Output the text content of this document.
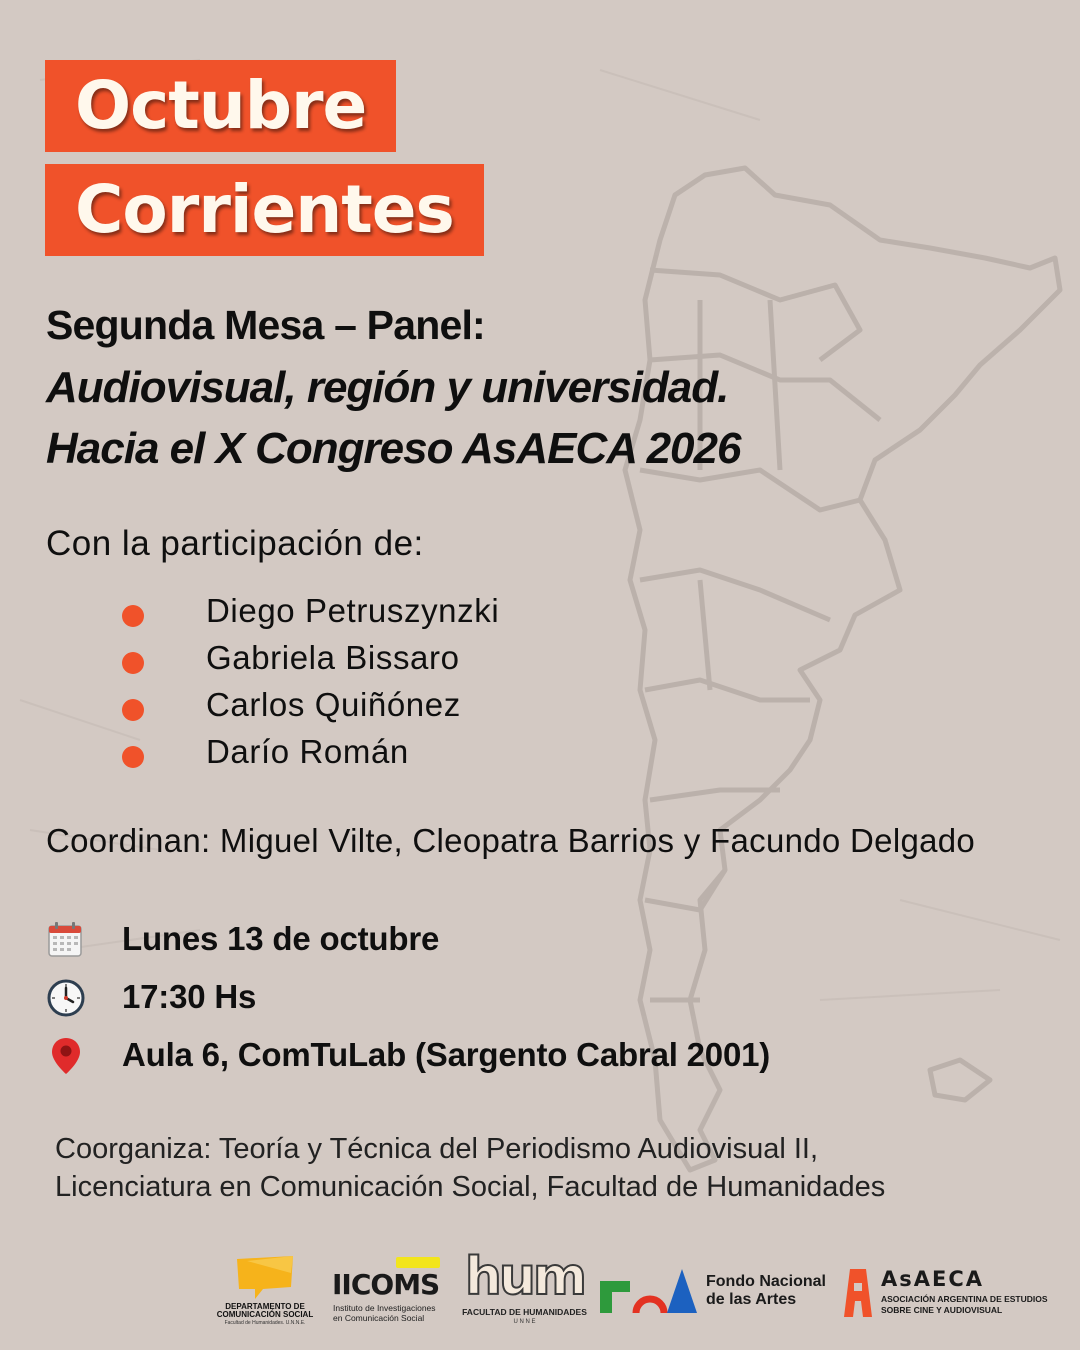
Octubre
Corrientes
Segunda Mesa – Panel:
Audiovisual, región y universidad.
Hacia el X Congreso AsAECA 2026
Con la participación de:
Diego Petruszynzki
Gabriela Bissaro
Carlos Quiñónez
Darío Román
Coordinan: Miguel Vilte, Cleopatra Barrios y Facundo Delgado
Lunes 13 de octubre
17:30 Hs
Aula 6, ComTuLab (Sargento Cabral 2001)
Coorganiza: Teoría y Técnica del Periodismo Audiovisual II,
Licenciatura en Comunicación Social, Facultad de Humanidades
DEPARTAMENTO DE
COMUNICACIÓN SOCIAL
Facultad de Humanidades. U.N.N.E.
IICOMS
Instituto de Investigaciones
en Comunicación Social
hum
FACULTAD DE HUMANIDADES
U N N E
Fondo Nacional
de las Artes
AsAECA
ASOCIACIÓN ARGENTINA DE ESTUDIOS
SOBRE CINE Y AUDIOVISUAL
